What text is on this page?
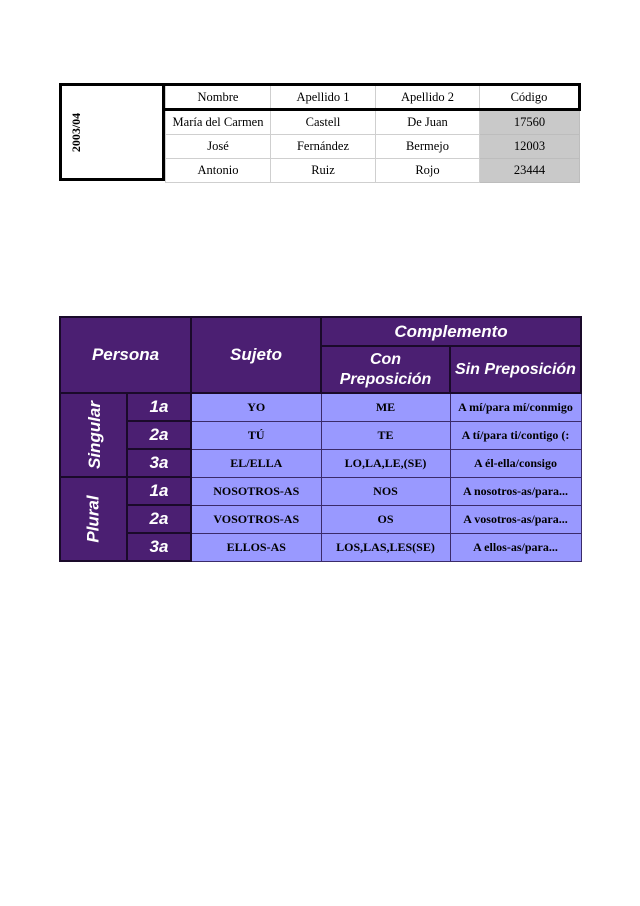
2003/04
Nombre	Apellido 1	Apellido 2	Código
María del Carmen	Castell	De Juan	17560
José	Fernández	Bermejo	12003
Antonio	Ruiz	Rojo	23444
Persona		Sujeto	Complemento	
			Con Preposición	Sin Preposición
Singular	1a	YO	ME	A mí/para mí/conmigo
	2a	TÚ	TE	A tí/para ti/contigo (:
	3a	EL/ELLA	LO,LA,LE,(SE)	A él-ella/consigo
Plural	1a	NOSOTROS-AS	NOS	A nosotros-as/para...
	2a	VOSOTROS-AS	OS	A vosotros-as/para...
	3a	ELLOS-AS	LOS,LAS,LES(SE)	A ellos-as/para...
